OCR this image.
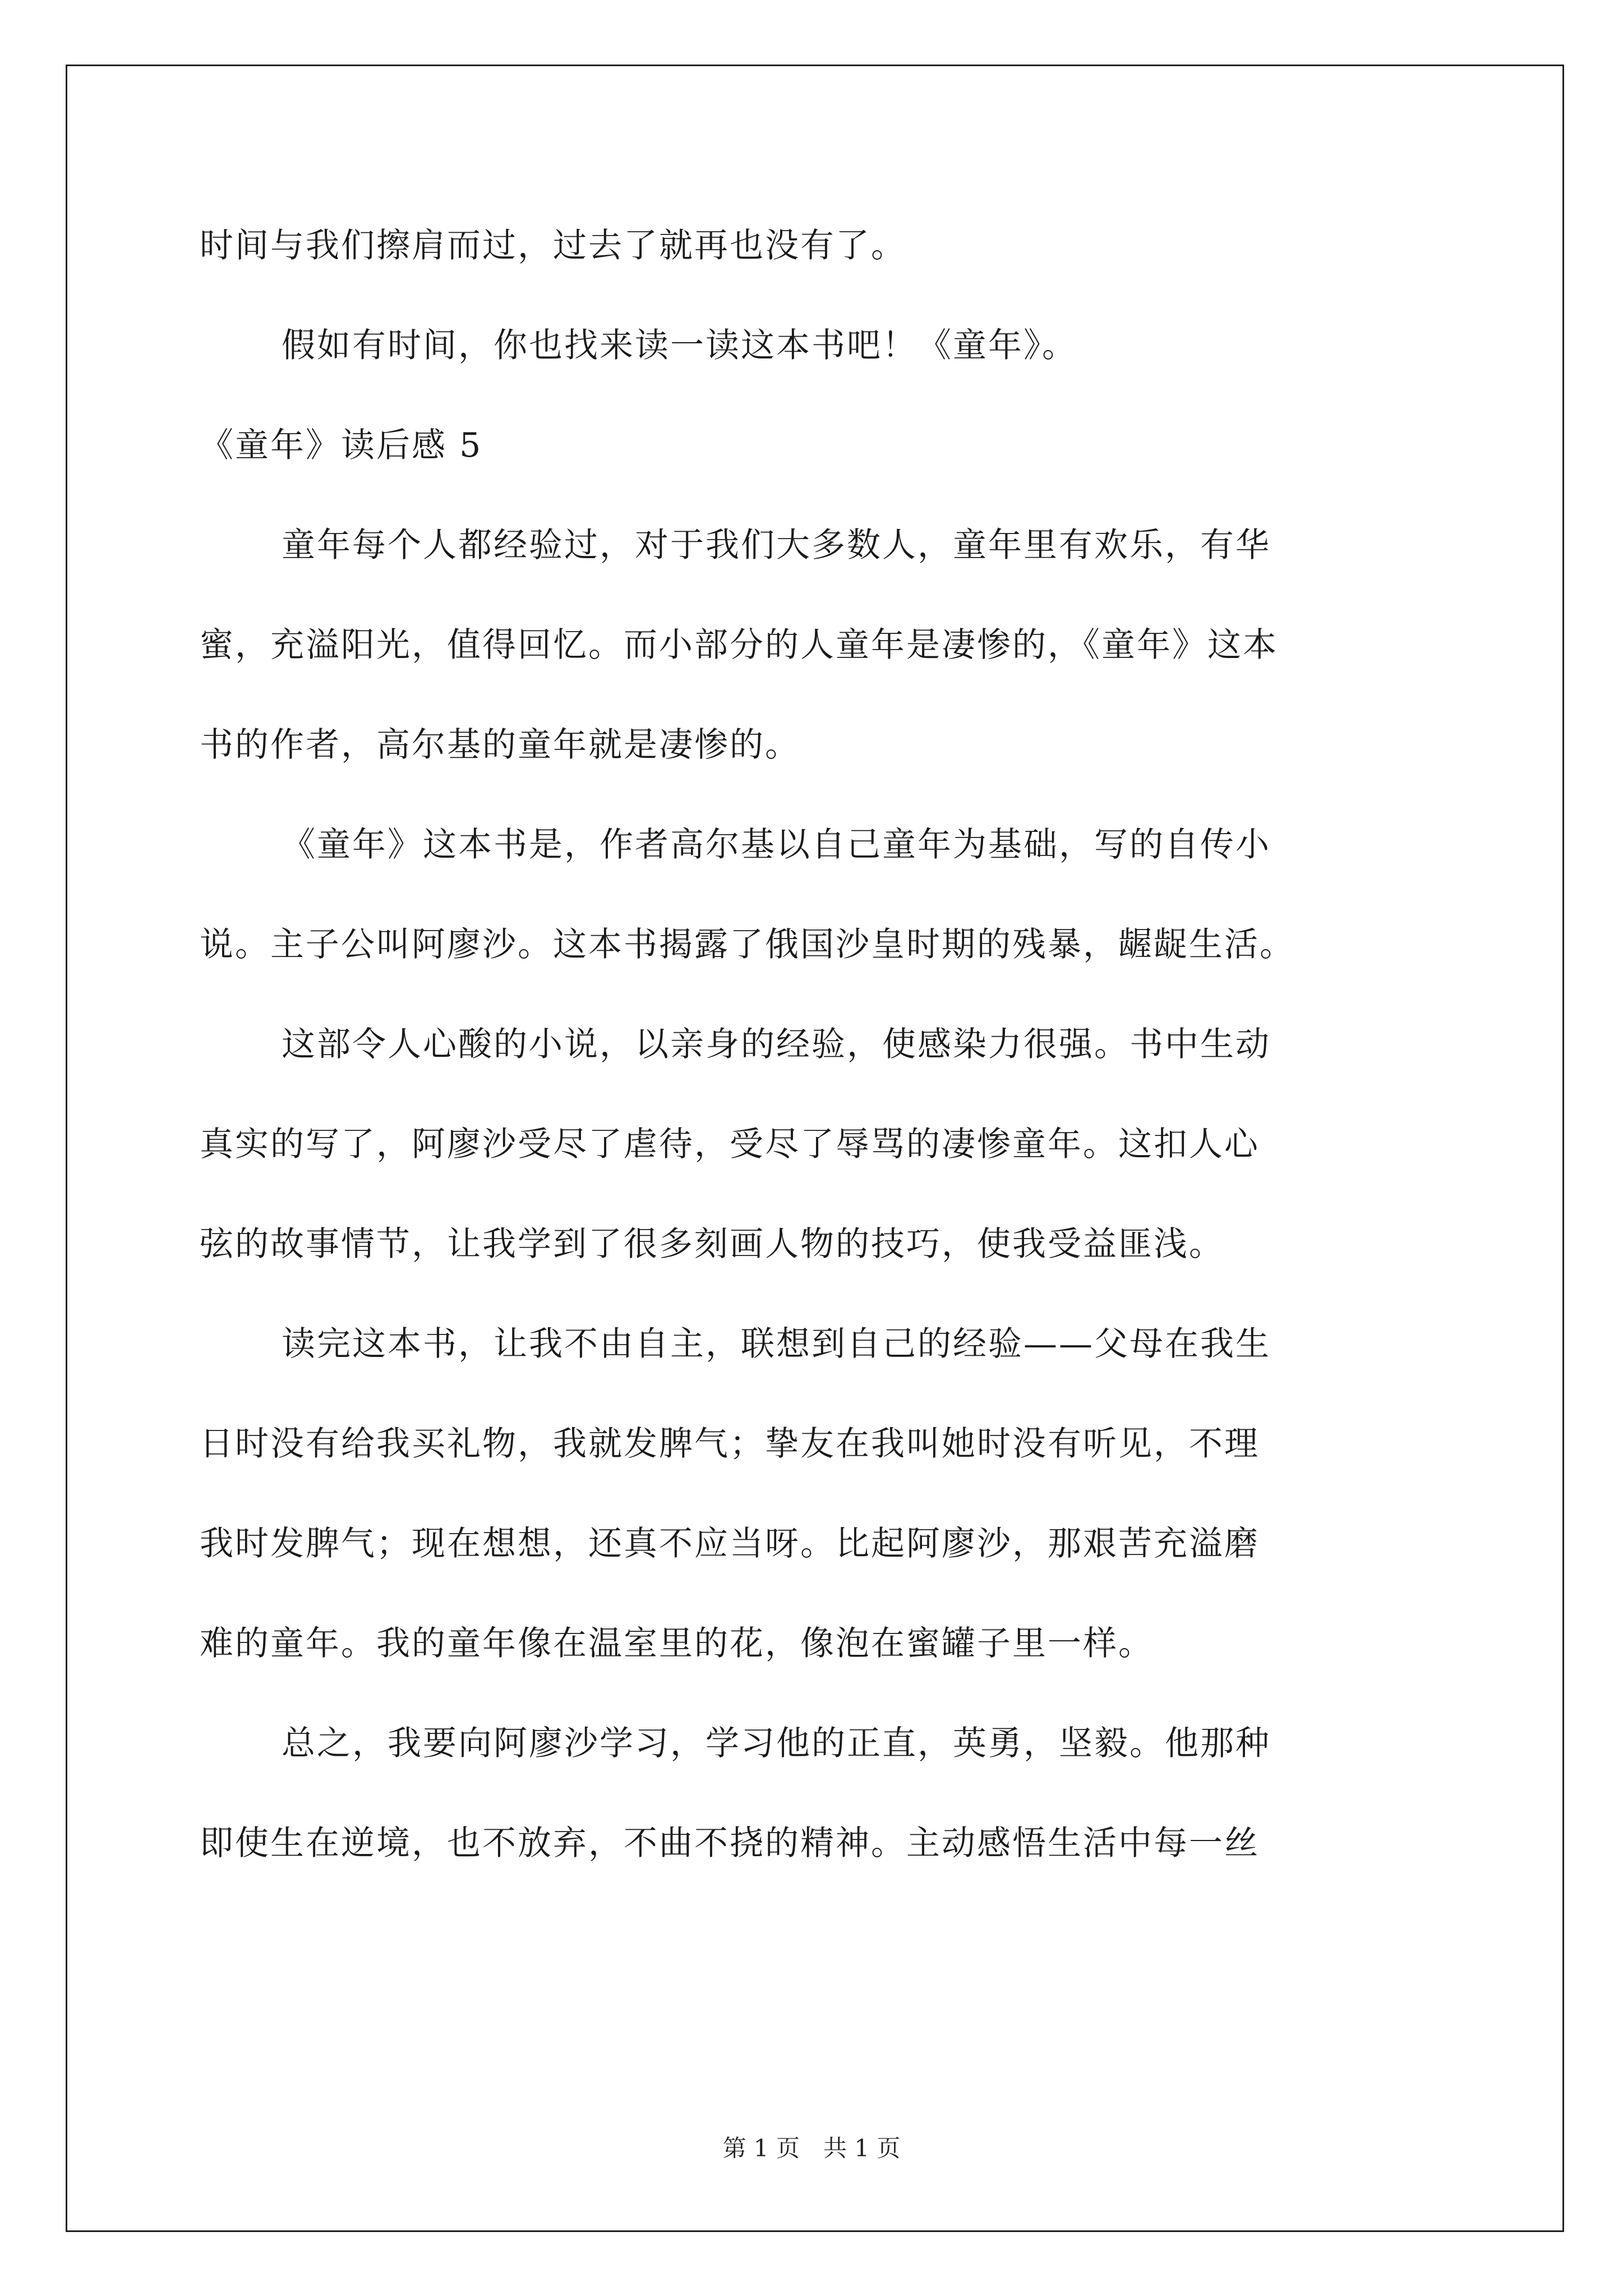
时间与我们擦肩而过，过去了就再也没有了。
假如有时间，你也找来读一读这本书吧！《童年》。
《童年》读后感 5
童年每个人都经验过，对于我们大多数人，童年里有欢乐，有华
蜜，充溢阳光，值得回忆。而小部分的人童年是凄惨的，《童年》这本
书的作者，高尔基的童年就是凄惨的。
《童年》这本书是，作者高尔基以自己童年为基础，写的自传小
说。主子公叫阿廖沙。这本书揭露了俄国沙皇时期的残暴，龌龊生活。
这部令人心酸的小说，以亲身的经验，使感染力很强。书中生动
真实的写了，阿廖沙受尽了虐待，受尽了辱骂的凄惨童年。这扣人心
弦的故事情节，让我学到了很多刻画人物的技巧，使我受益匪浅。
读完这本书，让我不由自主，联想到自己的经验——父母在我生
日时没有给我买礼物，我就发脾气；挚友在我叫她时没有听见，不理
我时发脾气；现在想想，还真不应当呀。比起阿廖沙，那艰苦充溢磨
难的童年。我的童年像在温室里的花，像泡在蜜罐子里一样。
总之，我要向阿廖沙学习，学习他的正直，英勇，坚毅。他那种
即使生在逆境，也不放弃，不曲不挠的精神。主动感悟生活中每一丝
第 1 页　共 1 页
